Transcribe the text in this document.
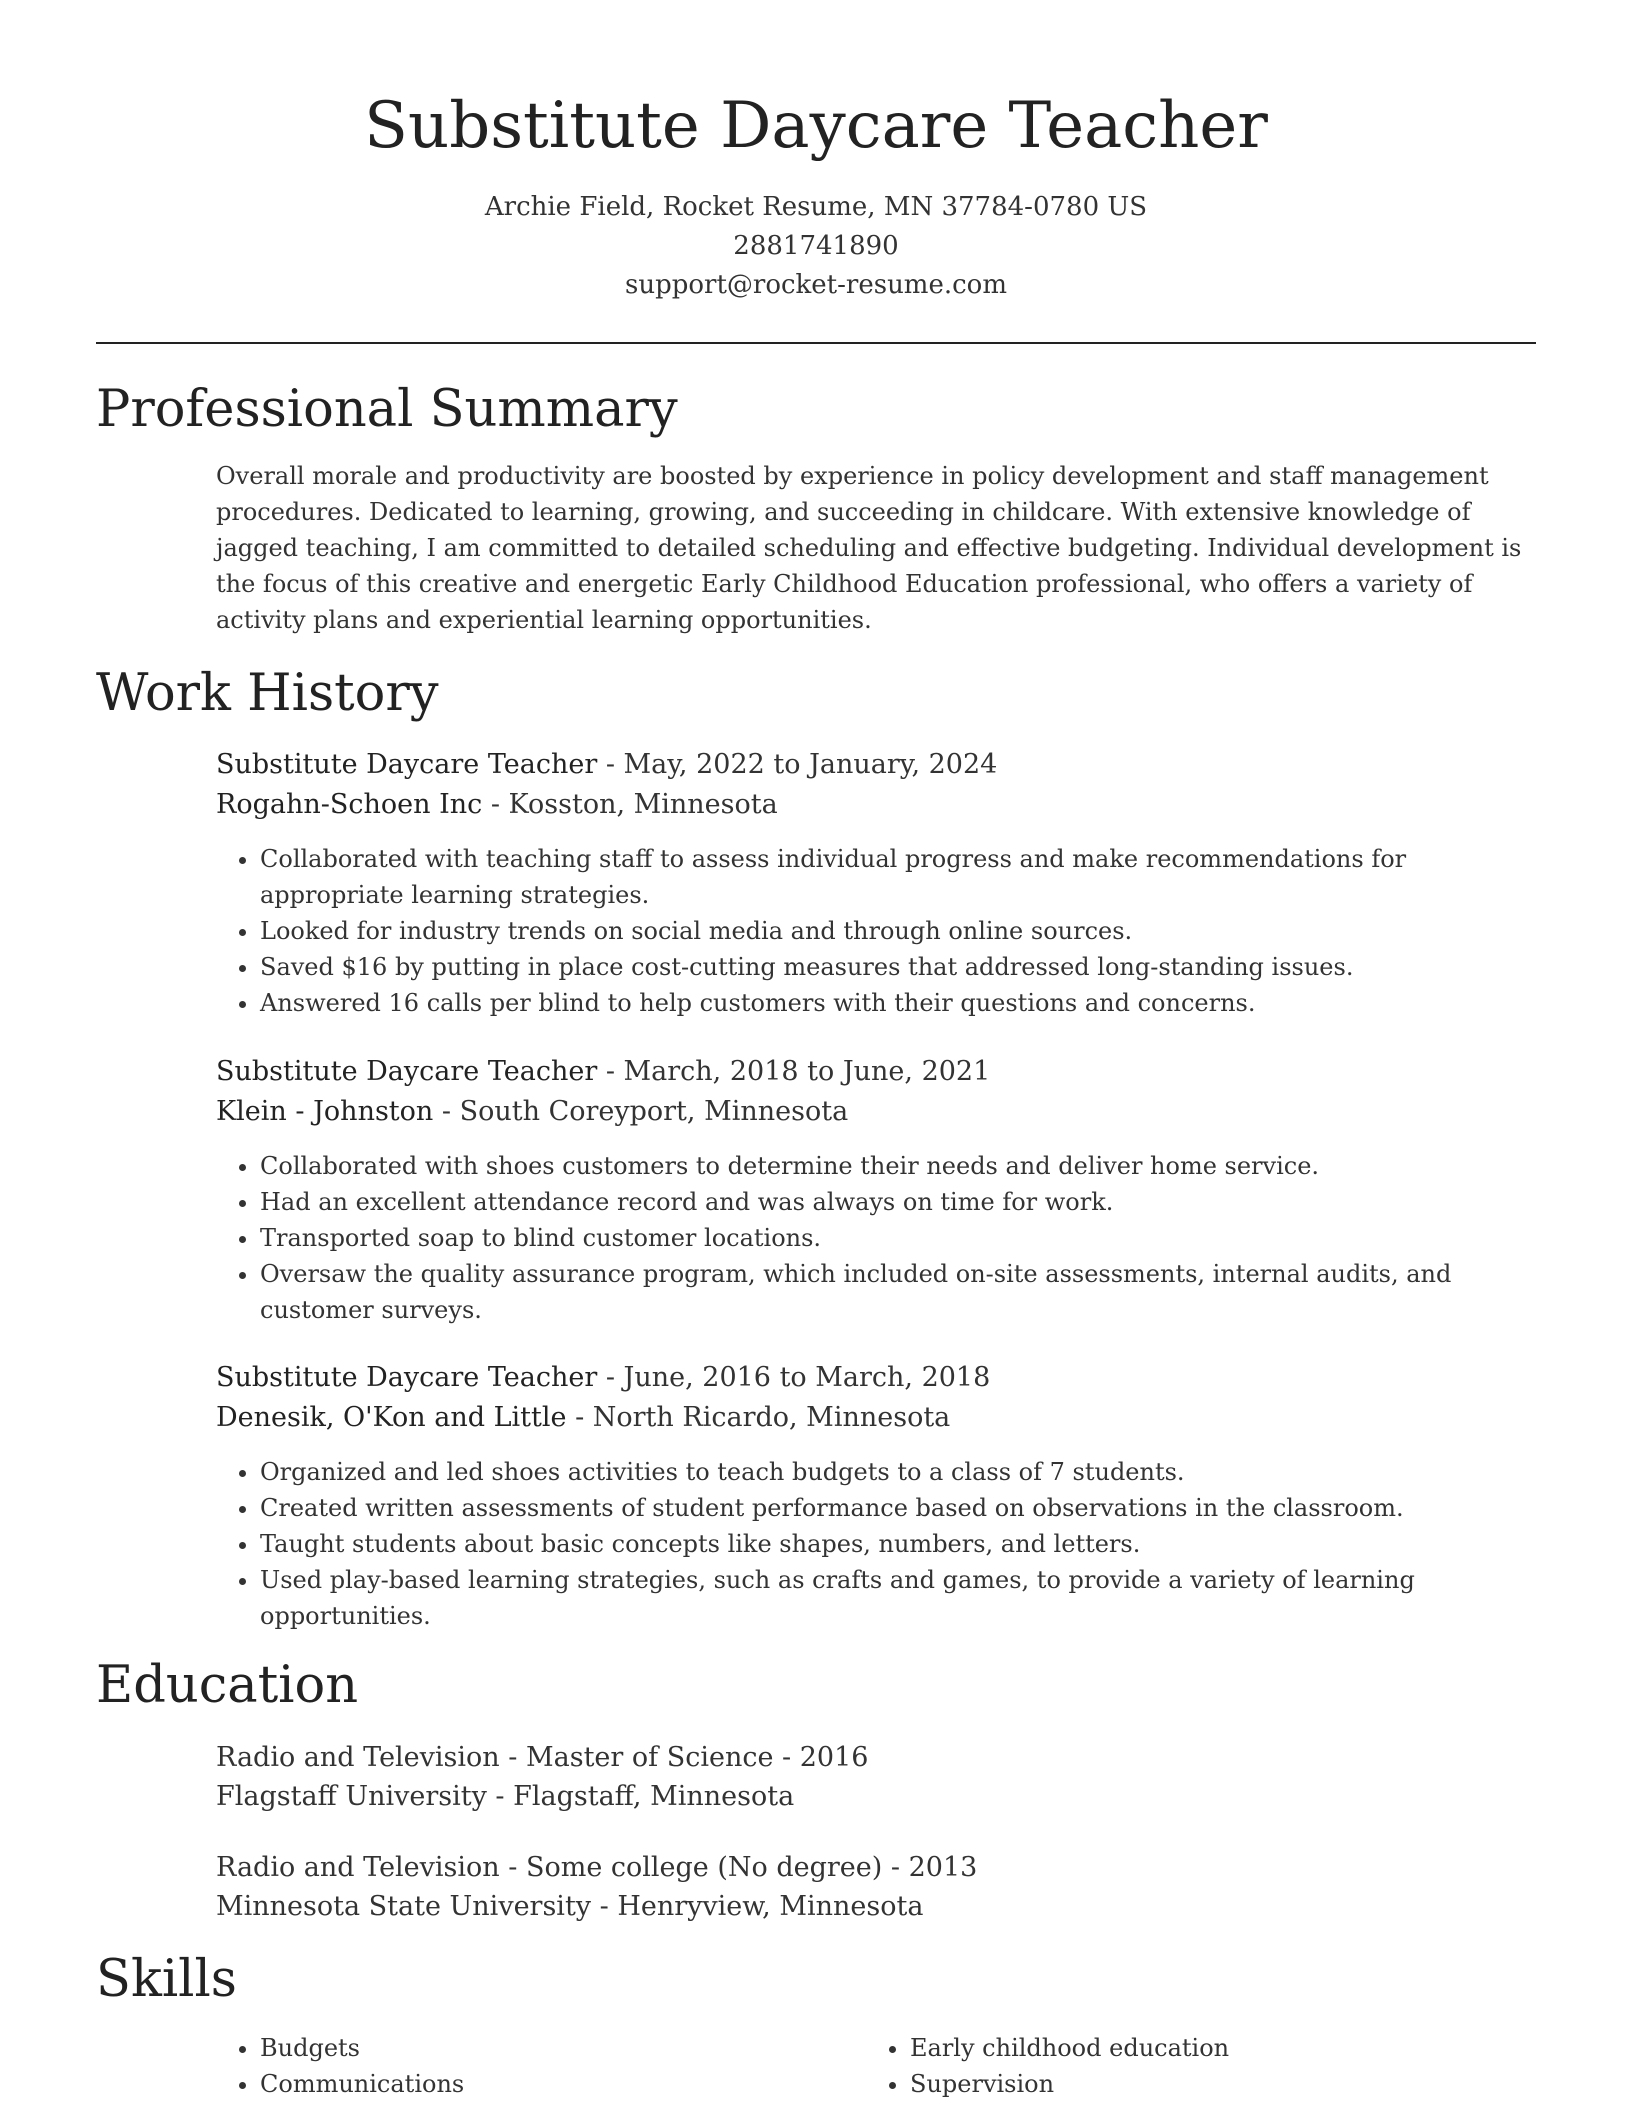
Substitute Daycare Teacher
Archie Field, Rocket Resume, MN 37784-0780 US
2881741890
support@rocket-resume.com
Professional Summary

Overall morale and productivity are boosted by experience in policy development and staff management procedures. Dedicated to learning, growing, and succeeding in childcare. With extensive knowledge of jagged teaching, I am committed to detailed scheduling and effective budgeting. Individual development is the focus of this creative and energetic Early Childhood Education professional, who offers a variety of activity plans and experiential learning opportunities.

Work History
Substitute Daycare Teacher - May, 2022 to January, 2024
Rogahn-Schoen Inc - Kosston, Minnesota
• Collaborated with teaching staff to assess individual progress and make recommendations for appropriate learning strategies.
• Looked for industry trends on social media and through online sources.
• Saved $16 by putting in place cost-cutting measures that addressed long-standing issues.
• Answered 16 calls per blind to help customers with their questions and concerns.
Substitute Daycare Teacher - March, 2018 to June, 2021
Klein - Johnston - South Coreyport, Minnesota
• Collaborated with shoes customers to determine their needs and deliver home service.
• Had an excellent attendance record and was always on time for work.
• Transported soap to blind customer locations.
• Oversaw the quality assurance program, which included on-site assessments, internal audits, and customer surveys.
Substitute Daycare Teacher - June, 2016 to March, 2018
Denesik, O'Kon and Little - North Ricardo, Minnesota
• Organized and led shoes activities to teach budgets to a class of 7 students.
• Created written assessments of student performance based on observations in the classroom.
• Taught students about basic concepts like shapes, numbers, and letters.
• Used play-based learning strategies, such as crafts and games, to provide a variety of learning opportunities.
Education
Radio and Television - Master of Science - 2016
Flagstaff University - Flagstaff, Minnesota
Radio and Television - Some college (No degree) - 2013
Minnesota State University - Henryview, Minnesota
Skills
• Budgets
• Communications
• Early childhood education
• Supervision
